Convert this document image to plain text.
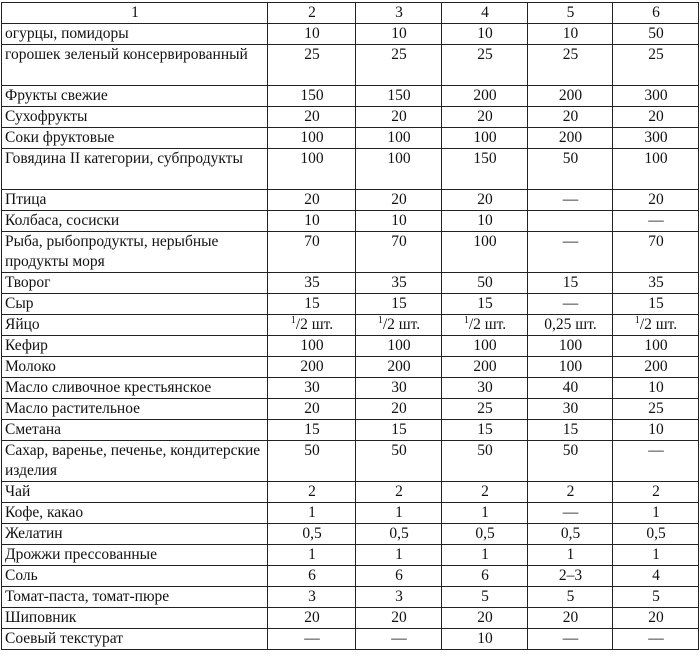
1	2	3	4	5	6
огурцы, помидоры	10	10	10	10	50
горошек зеленый консервированный	25	25	25	25	25
Фрукты свежие	150	150	200	200	300
Сухофрукты	20	20	20	20	20
Соки фруктовые	100	100	100	200	300
Говядина II категории, субпродукты	100	100	150	50	100
Птица	20	20	20	—	20
Колбаса, сосиски	10	10	10		—
Рыба, рыбопродукты, нерыбные продукты моря	70	70	100	—	70
Творог	35	35	50	15	35
Сыр	15	15	15	—	15
Яйцо	$^1$/2 шт.	$^1$/2 шт.	$^1$/2 шт.	0,25 шт.	$^1$/2 шт.
Кефир	100	100	100	100	100
Молоко	200	200	200	100	200
Масло сливочное крестьянское	30	30	30	40	10
Масло растительное	20	20	25	30	25
Сметана	15	15	15	15	10
Сахар, варенье, печенье, кондитерские изделия	50	50	50	50	—
Чай	2	2	2	2	2
Кофе, какао	1	1	1	—	1
Желатин	0,5	0,5	0,5	0,5	0,5
Дрожжи прессованные	1	1	1	1	1
Соль	6	6	6	2–3	4
Томат-паста, томат-пюре	3	3	5	5	5
Шиповник	20	20	20	20	20
Соевый текстурат	—	—	10	—	—
